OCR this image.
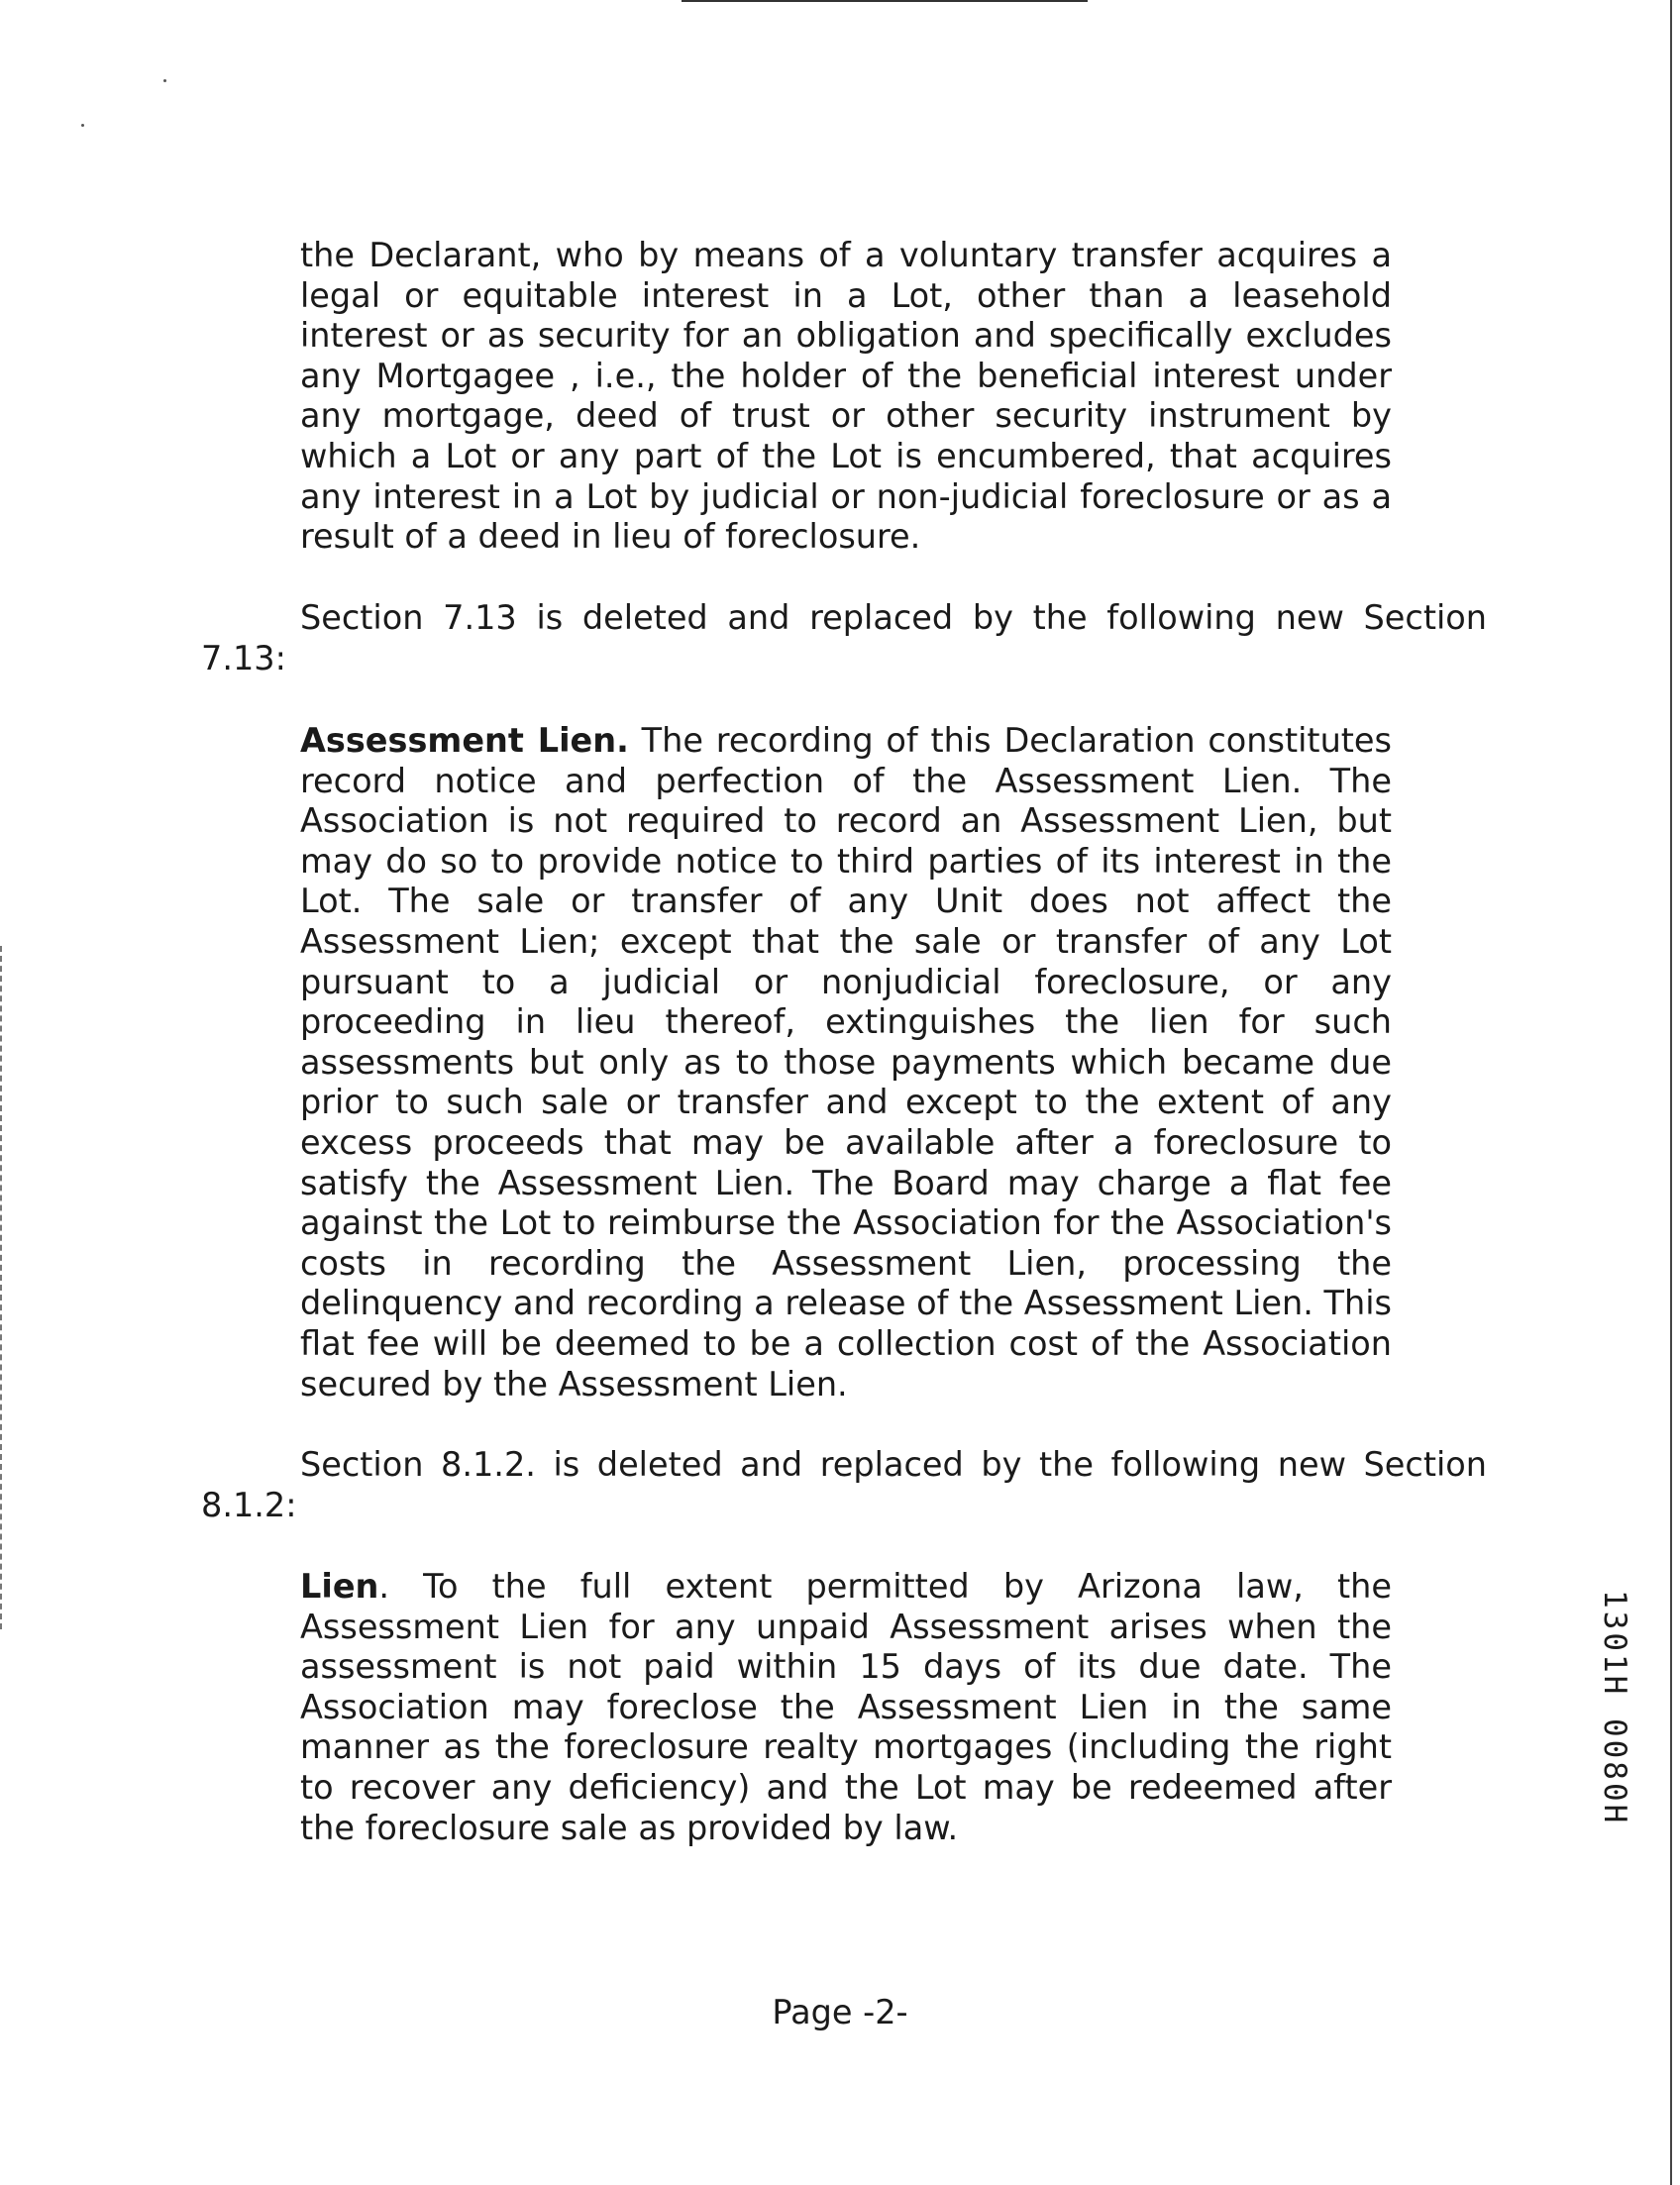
the Declarant, who by means of a voluntary transfer acquires a legal or equitable interest in a Lot, other than a leasehold interest or as security for an obligation and specifically excludes any Mortgagee , i.e., the holder of the beneficial interest under any mortgage, deed of trust or other security instrument by which a Lot or any part of the Lot is encumbered, that acquires any interest in a Lot by judicial or non-judicial foreclosure or as a result of a deed in lieu of foreclosure.

Section 7.13 is deleted and replaced by the following new Section

7.13:

Assessment Lien. The recording of this Declaration constitutes record notice and perfection of the Assessment Lien. The Association is not required to record an Assessment Lien, but may do so to provide notice to third parties of its interest in the Lot. The sale or transfer of any Unit does not affect the Assessment Lien; except that the sale or transfer of any Lot pursuant to a judicial or nonjudicial foreclosure, or any proceeding in lieu thereof, extinguishes the lien for such assessments but only as to those payments which became due prior to such sale or transfer and except to the extent of any excess proceeds that may be available after a foreclosure to satisfy the Assessment Lien. The Board may charge a flat fee against the Lot to reimburse the Association for the Association's costs in recording the Assessment Lien, processing the delinquency and recording a release of the Assessment Lien. This flat fee will be deemed to be a collection cost of the Association secured by the Assessment Lien.

Section 8.1.2. is deleted and replaced by the following new Section

8.1.2:

Lien. To the full extent permitted by Arizona law, the Assessment Lien for any unpaid Assessment arises when the assessment is not paid within 15 days of its due date. The Association may foreclose the Assessment Lien in the same manner as the foreclosure realty mortgages (including the right to recover any deficiency) and the Lot may be redeemed after the foreclosure sale as provided by law.

Page -2-
1301H 0080H
